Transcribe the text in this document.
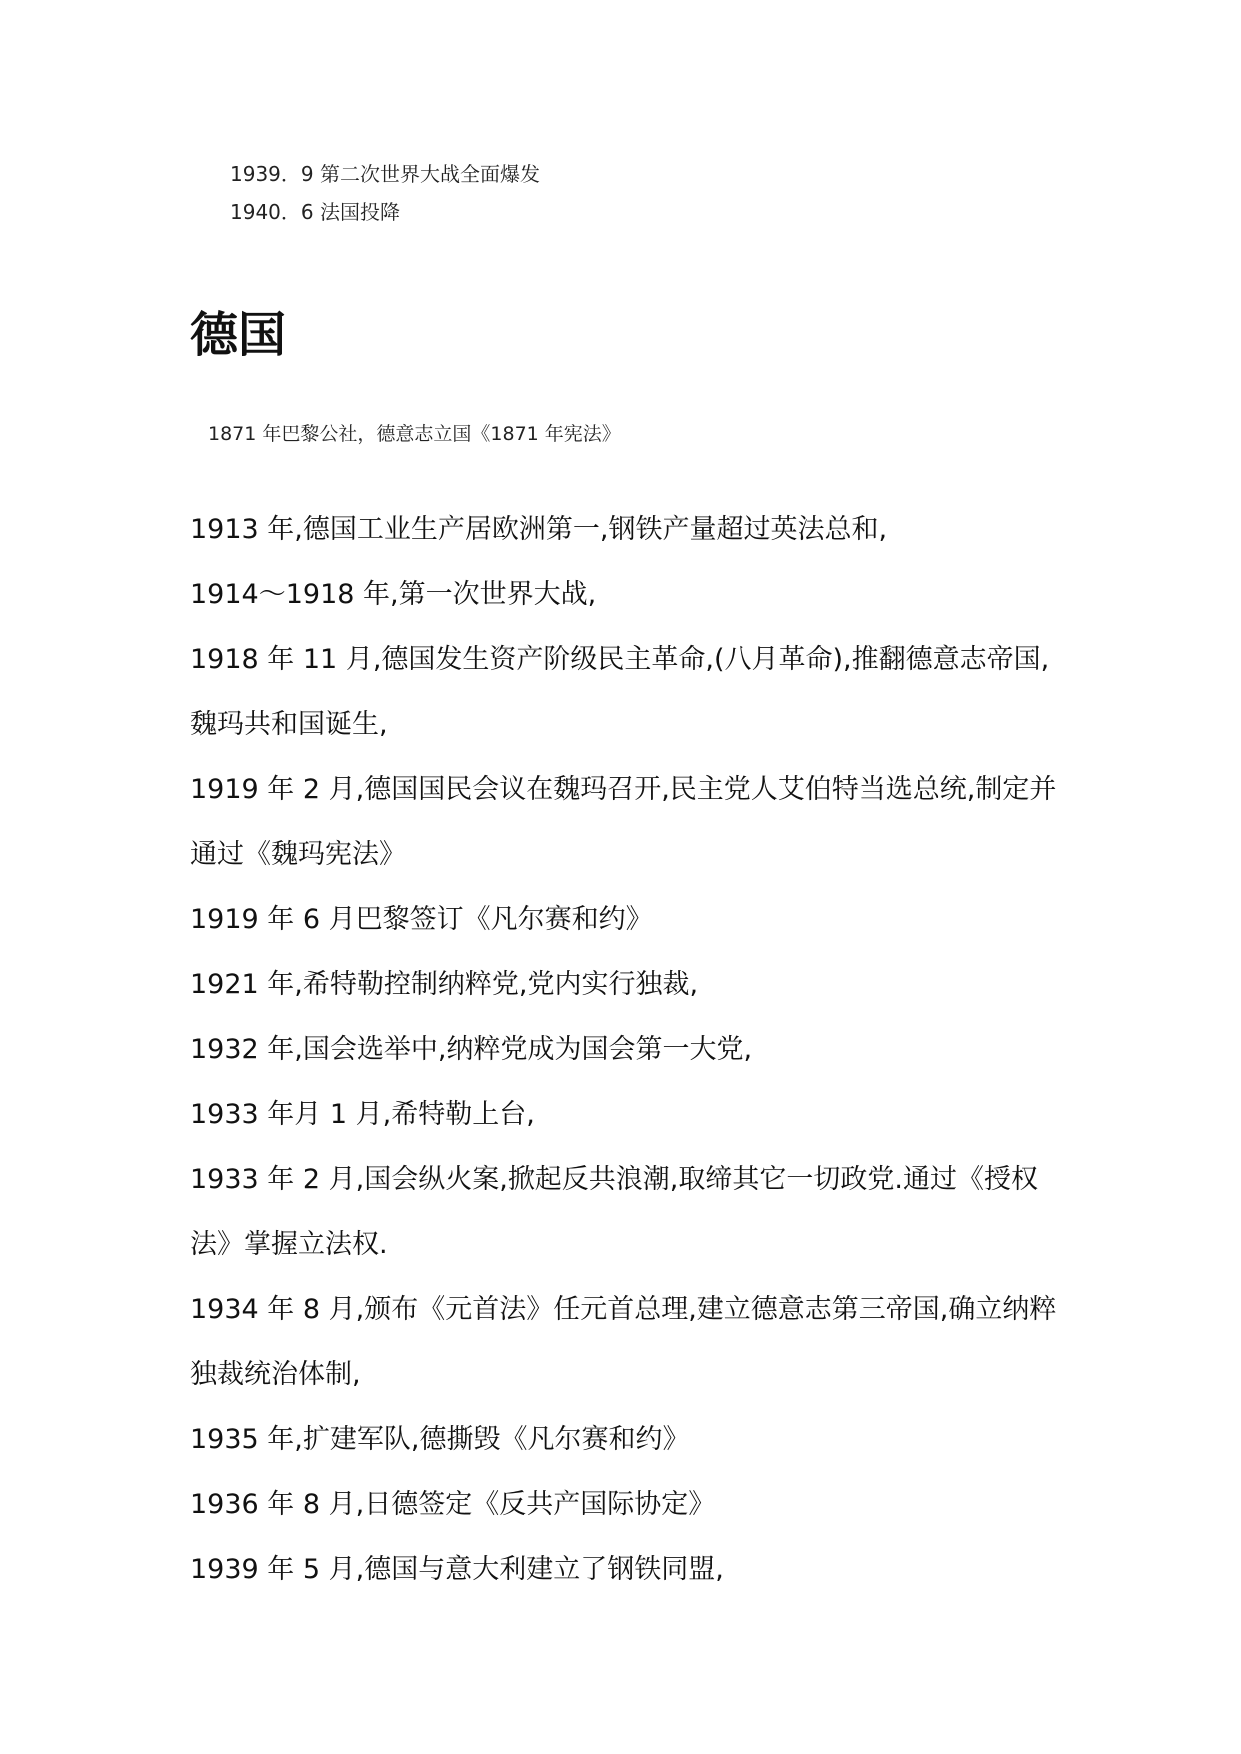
1939．9 第二次世界大战全面爆发
1940．6 法国投降
德国
1871 年巴黎公社，德意志立国《1871 年宪法》
1913 年,德国工业生产居欧洲第一,钢铁产量超过英法总和,
1914～1918 年,第一次世界大战,
1918 年 11 月,德国发生资产阶级民主革命,(八月革命),推翻德意志帝国,魏玛共和国诞生,
1919 年 2 月,德国国民会议在魏玛召开,民主党人艾伯特当选总统,制定并通过《魏玛宪法》
1919 年 6 月巴黎签订《凡尔赛和约》
1921 年,希特勒控制纳粹党,党内实行独裁,
1932 年,国会选举中,纳粹党成为国会第一大党,
1933 年月 1 月,希特勒上台,
1933 年 2 月,国会纵火案,掀起反共浪潮,取缔其它一切政党.通过《授权法》掌握立法权.
1934 年 8 月,颁布《元首法》任元首总理,建立德意志第三帝国,确立纳粹独裁统治体制,
1935 年,扩建军队,德撕毁《凡尔赛和约》
1936 年 8 月,日德签定《反共产国际协定》
1939 年 5 月,德国与意大利建立了钢铁同盟,
